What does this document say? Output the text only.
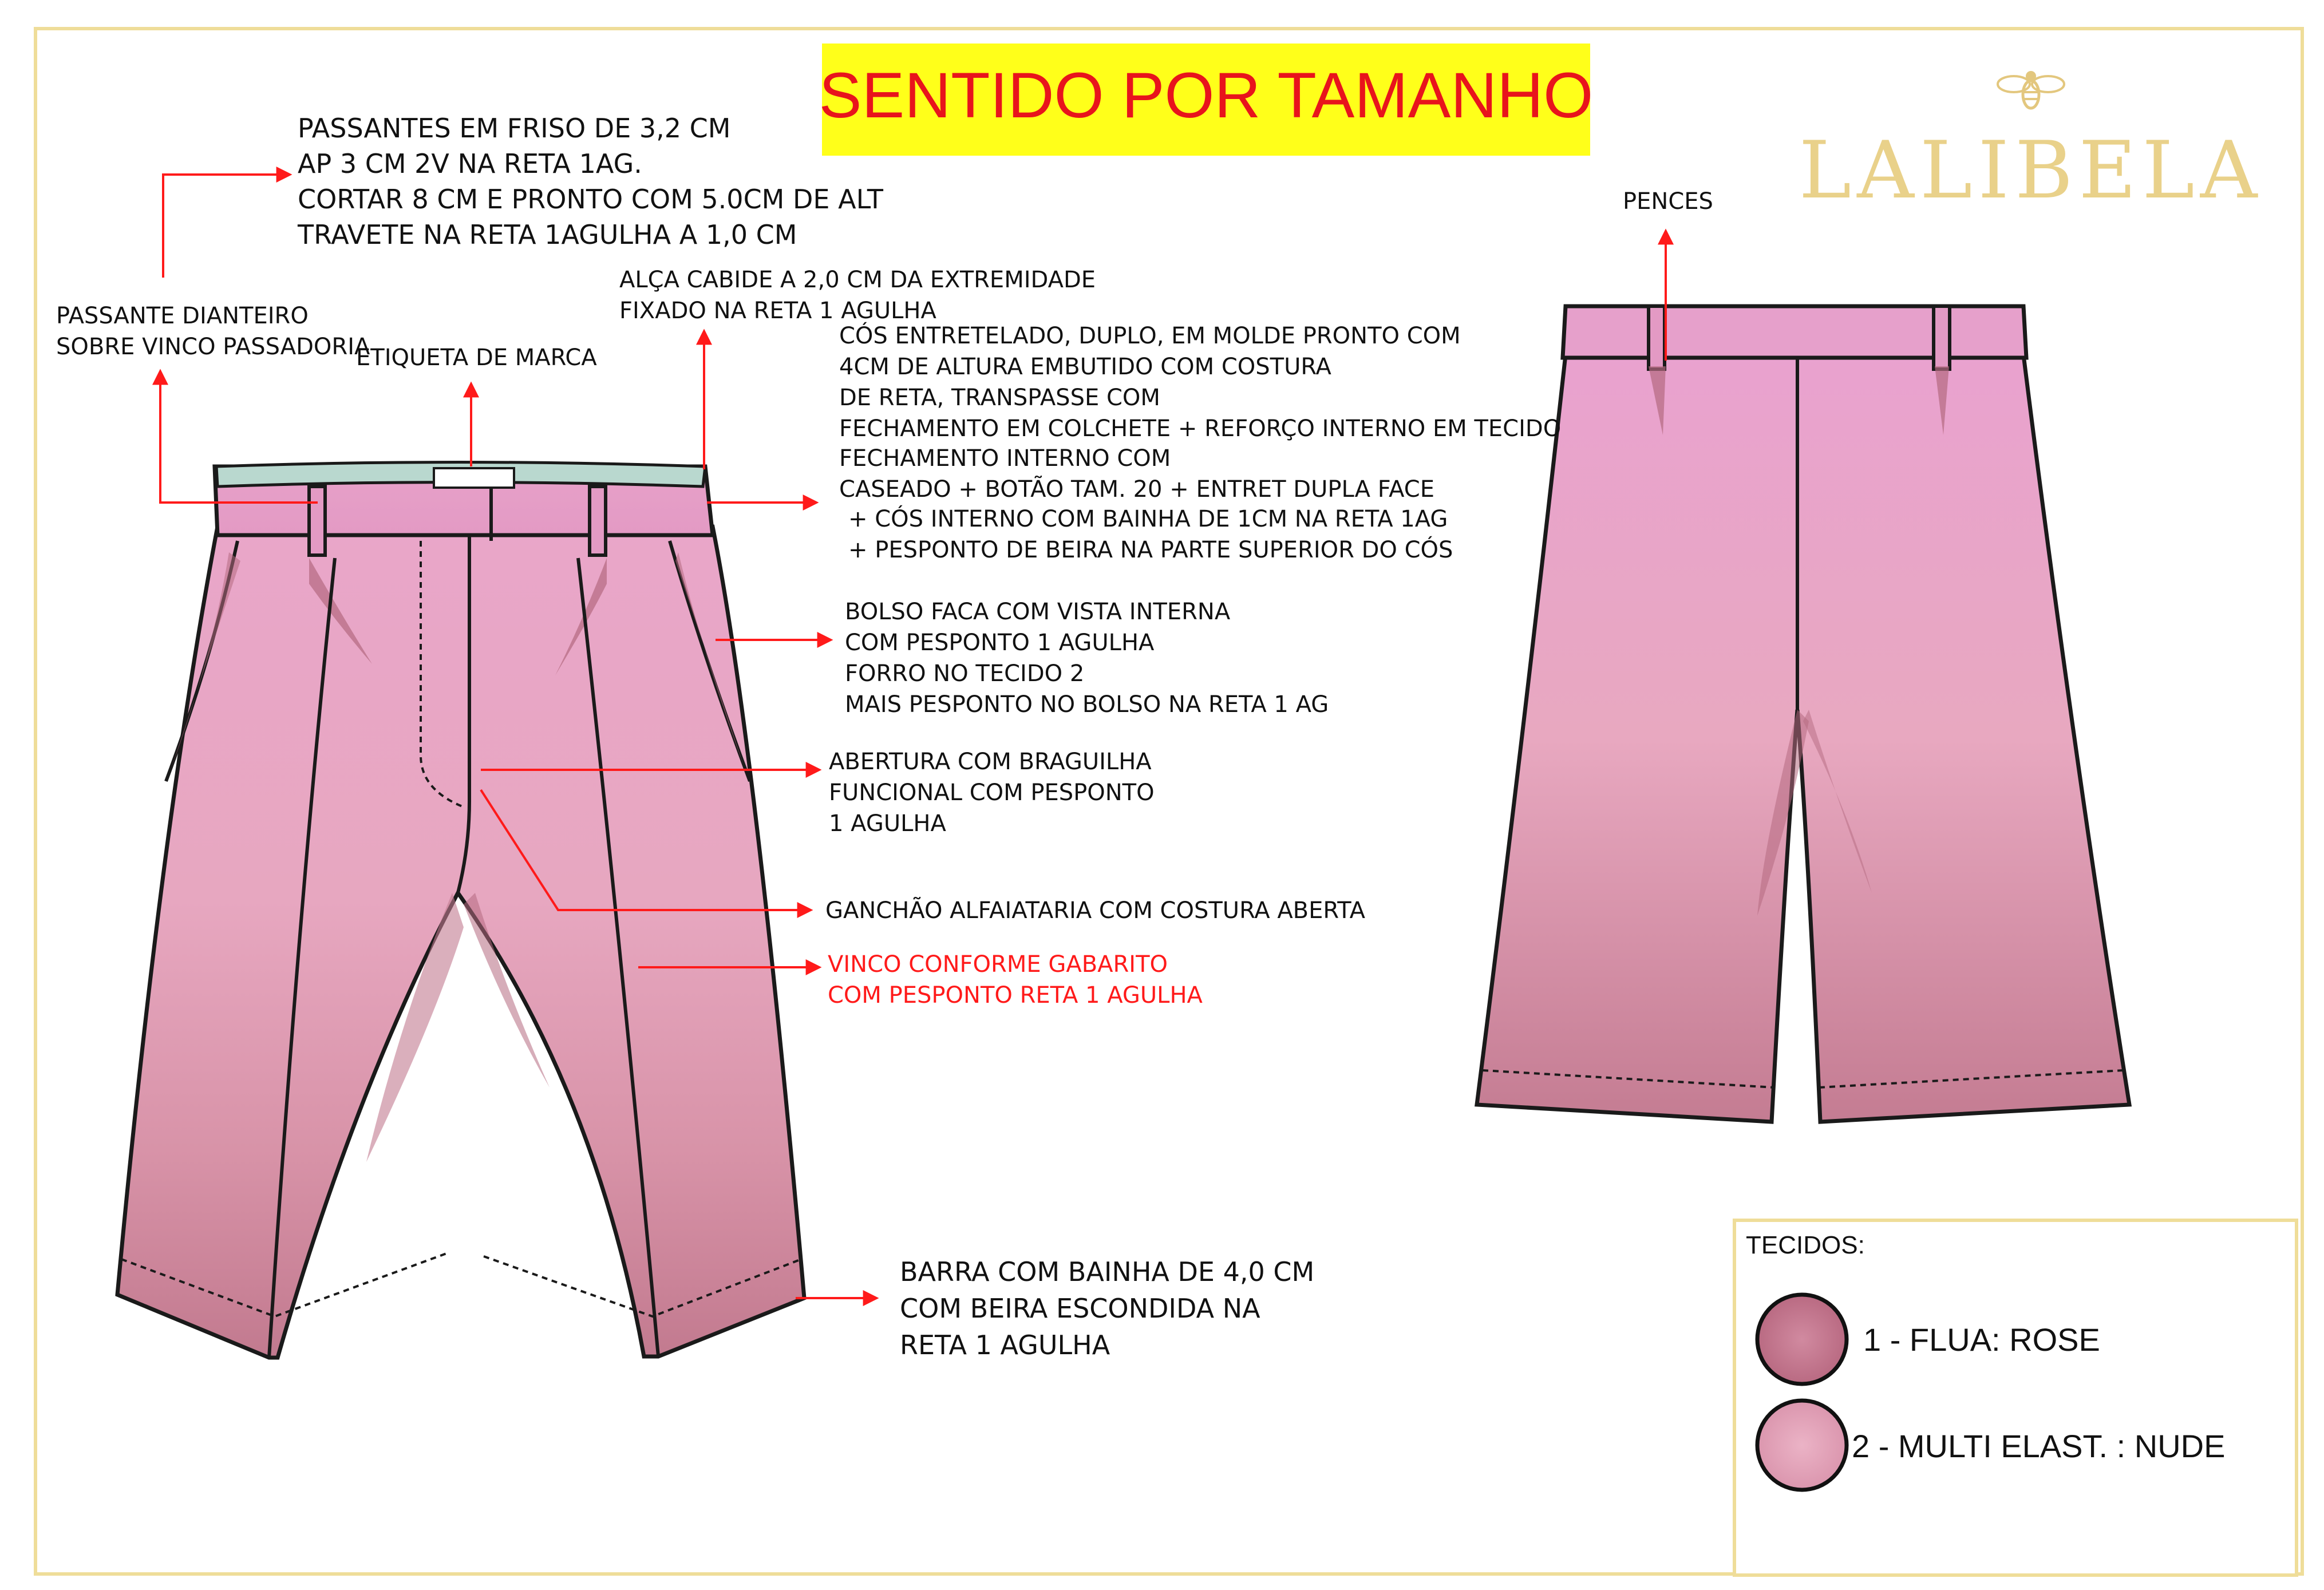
SENTIDO POR TAMANHO
LALIBELA
PASSANTES EM FRISO DE 3,2 CM AP 3 CM 2V NA RETA 1AG. CORTAR 8 CM E PRONTO COM 5.0CM DE ALT TRAVETE NA RETA 1AGULHA A 1,0 CM
PASSANTE DIANTEIRO SOBRE VINCO PASSADORIA
ETIQUETA DE MARCA
ALÇA CABIDE A 2,0 CM DA EXTREMIDADE FIXADO NA RETA 1 AGULHA
CÓS ENTRETELADO, DUPLO, EM MOLDE PRONTO COM 4CM DE ALTURA EMBUTIDO COM COSTURA DE RETA, TRANSPASSE COM FECHAMENTO EM COLCHETE + REFORÇO INTERNO EM TECIDO FECHAMENTO INTERNO COM CASEADO + BOTÃO TAM. 20 + ENTRET DUPLA FACE + CÓS INTERNO COM BAINHA DE 1CM NA RETA 1AG + PESPONTO DE BEIRA NA PARTE SUPERIOR DO CÓS
BOLSO FACA COM VISTA INTERNA COM PESPONTO 1 AGULHA FORRO NO TECIDO 2 MAIS PESPONTO NO BOLSO NA RETA 1 AG
ABERTURA COM BRAGUILHA FUNCIONAL COM PESPONTO 1 AGULHA
GANCHÃO ALFAIATARIA COM COSTURA ABERTA
VINCO CONFORME GABARITO COM PESPONTO RETA 1 AGULHA
BARRA COM BAINHA DE 4,0 CM COM BEIRA ESCONDIDA NA RETA 1 AGULHA
PENCES
TECIDOS:
1 - FLUA: ROSE
2 - MULTI ELAST. : NUDE
